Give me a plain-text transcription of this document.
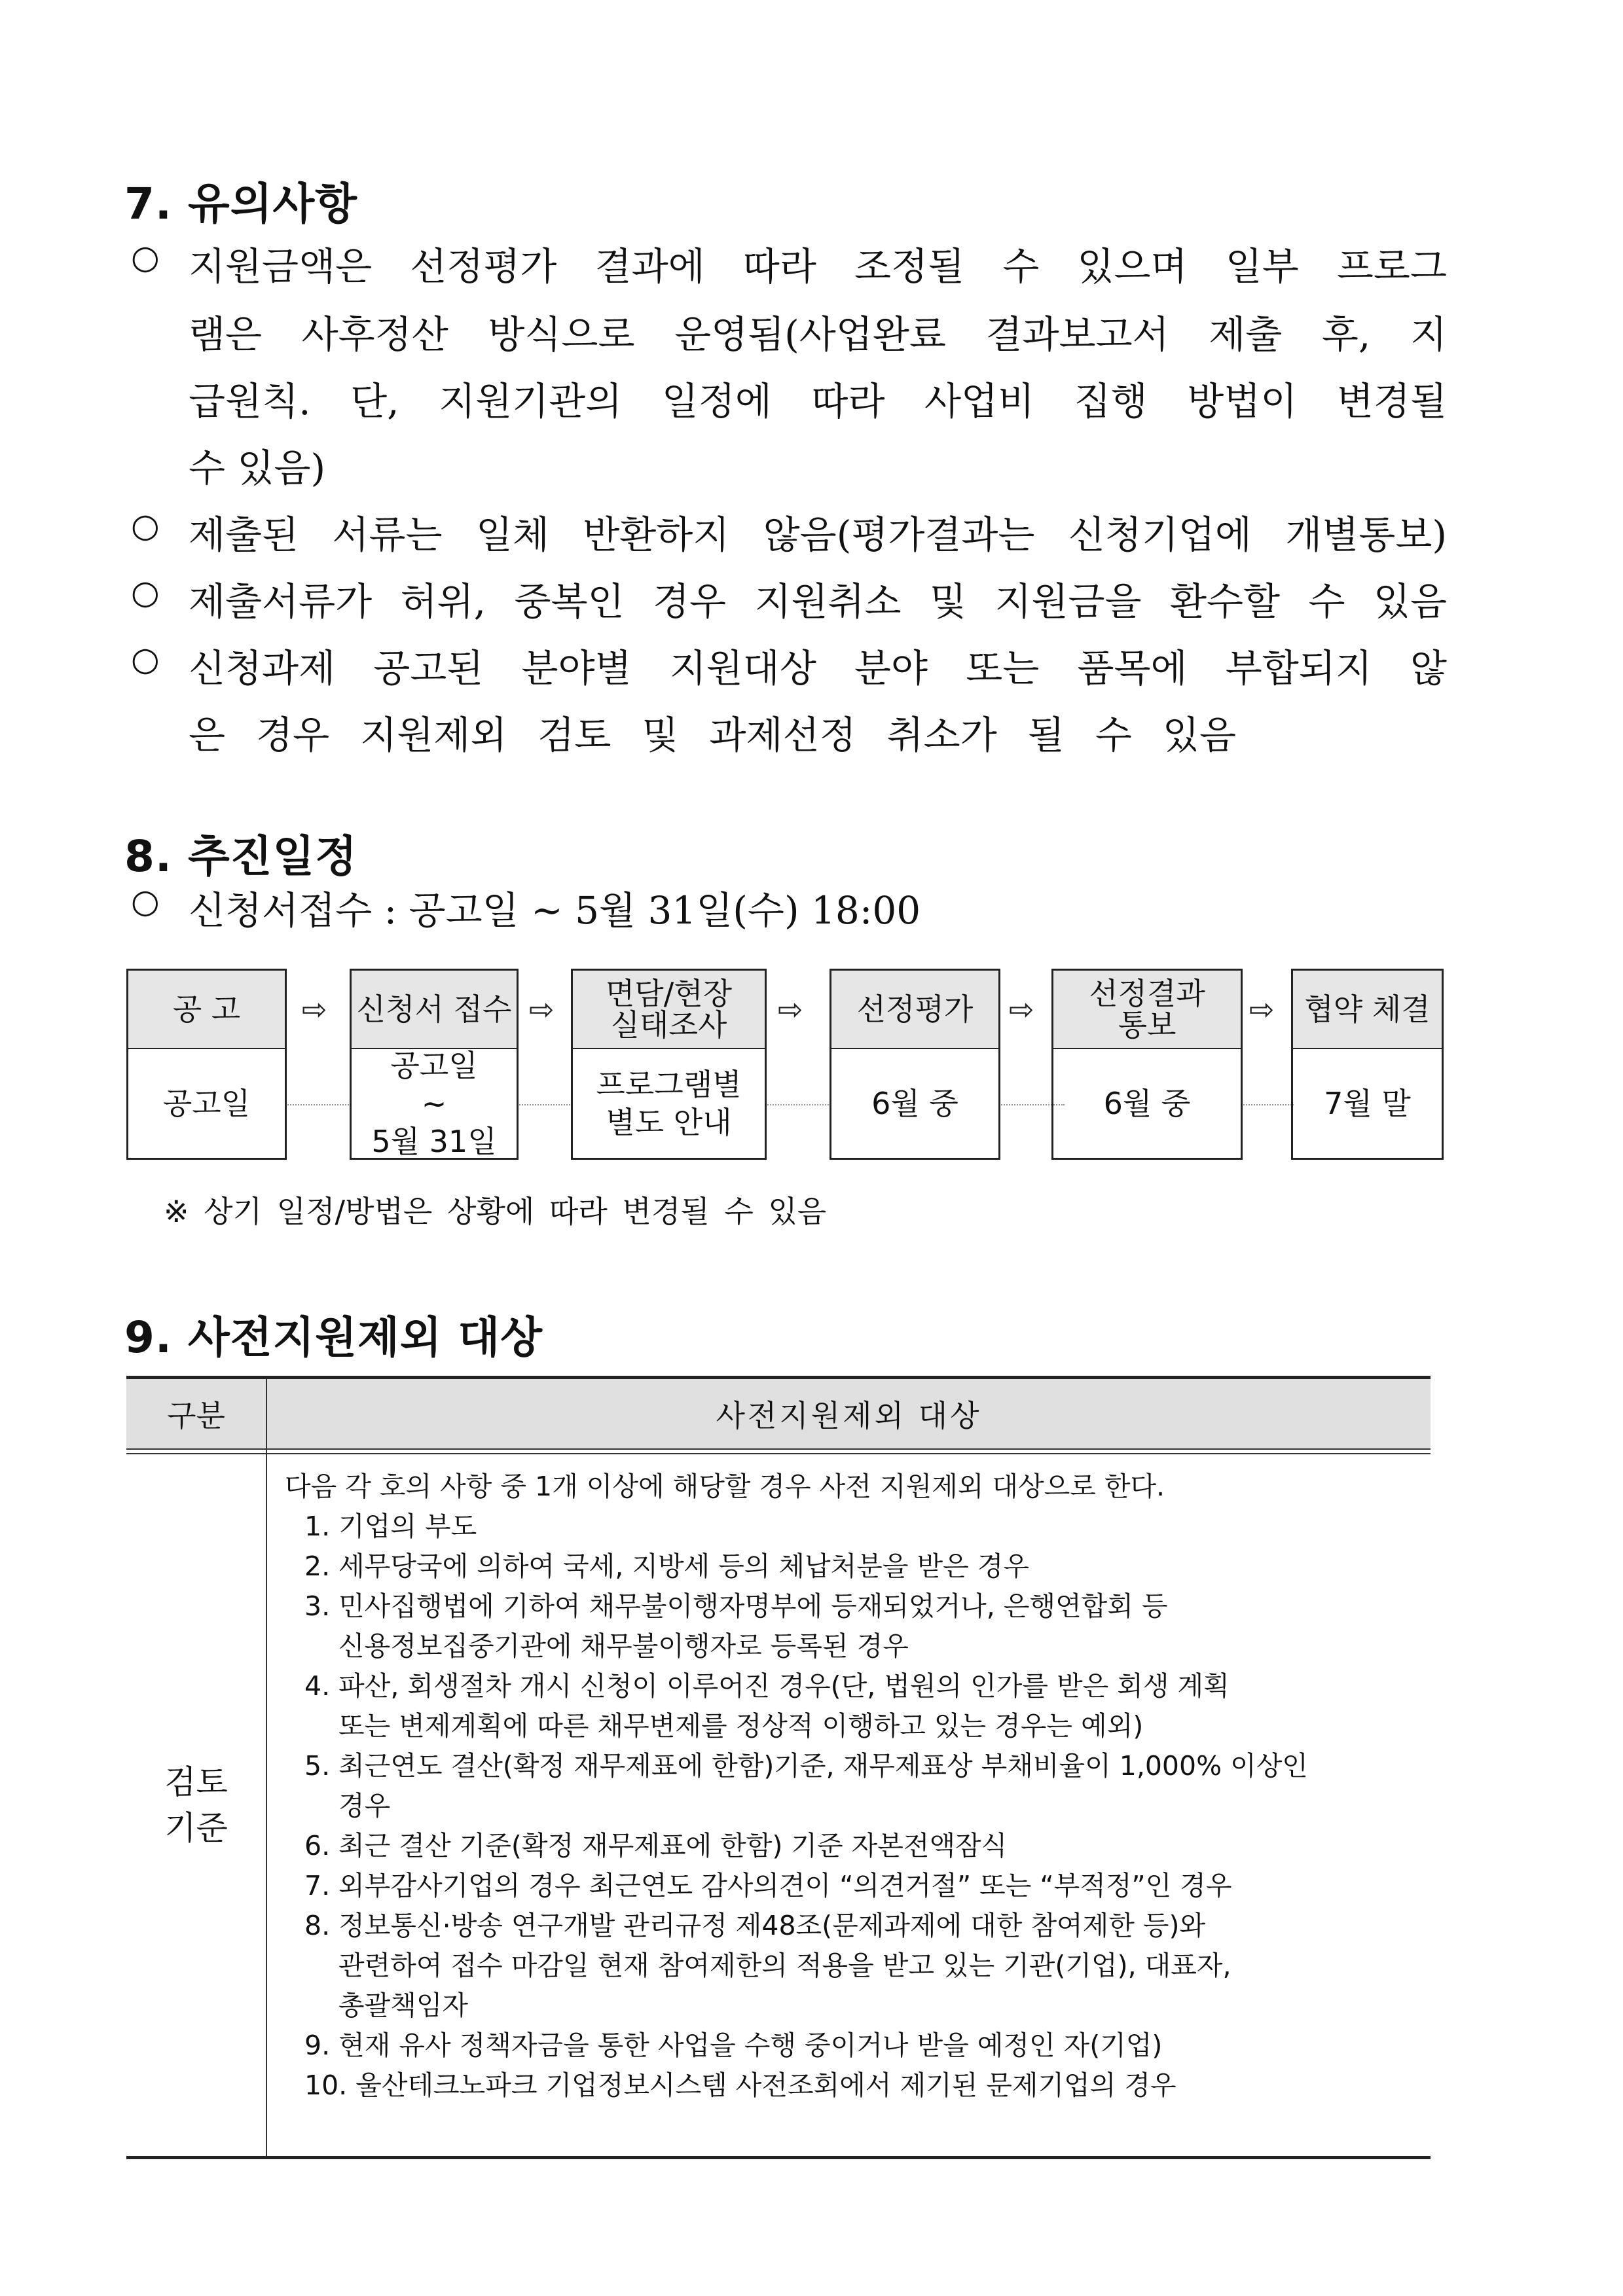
7. 유의사항
○ 지원금액은 선정평가 결과에 따라 조정될 수 있으며 일부 프로그
램은 사후정산 방식으로 운영됨(사업완료 결과보고서 제출 후, 지
급원칙. 단, 지원기관의 일정에 따라 사업비 집행 방법이 변경될
수 있음)
○ 제출된 서류는 일체 반환하지 않음(평가결과는 신청기업에 개별통보)
○ 제출서류가 허위, 중복인 경우 지원취소 및 지원금을 환수할 수 있음
○ 신청과제 공고된 분야별 지원대상 분야 또는 품목에 부합되지 않
은 경우 지원제외 검토 및 과제선정 취소가 될 수 있음
8. 추진일정
○ 신청서접수 : 공고일 ~ 5월 31일(수) 18:00
공 고
공고일
⇨ 신청서 접수
공고일
~
5월 31일
⇨ 면담/현장
실태조사
프로그램별
별도 안내
⇨	선정평가
6월 중
⇨ 선정결과
통보
6월 중
⇨ 협약 체결
7월 말
※ 상기 일정/방법은 상황에 따라 변경될 수 있음
9. 사전지원제외 대상
구분	사전지원제외 대상
검토
기준
다음 각 호의 사항 중 1개 이상에 해당할 경우 사전 지원제외 대상으로 한다.
1. 기업의 부도
2. 세무당국에 의하여 국세, 지방세 등의 체납처분을 받은 경우
3. 민사집행법에 기하여 채무불이행자명부에 등재되었거나, 은행연합회 등
신용정보집중기관에 채무불이행자로 등록된 경우
4. 파산, 회생절차 개시 신청이 이루어진 경우(단, 법원의 인가를 받은 회생 계획
또는 변제계획에 따른 채무변제를 정상적 이행하고 있는 경우는 예외)
5. 최근연도 결산(확정 재무제표에 한함)기준, 재무제표상 부채비율이 1,000% 이상인
경우
6. 최근 결산 기준(확정 재무제표에 한함) 기준 자본전액잠식
7. 외부감사기업의 경우 최근연도 감사의견이 “의견거절” 또는 “부적정”인 경우
8. 정보통신·방송 연구개발 관리규정 제48조(문제과제에 대한 참여제한 등)와
관련하여 접수 마감일 현재 참여제한의 적용을 받고 있는 기관(기업), 대표자,
총괄책임자
9. 현재 유사 정책자금을 통한 사업을 수행 중이거나 받을 예정인 자(기업)
10. 울산테크노파크 기업정보시스템 사전조회에서 제기된 문제기업의 경우
